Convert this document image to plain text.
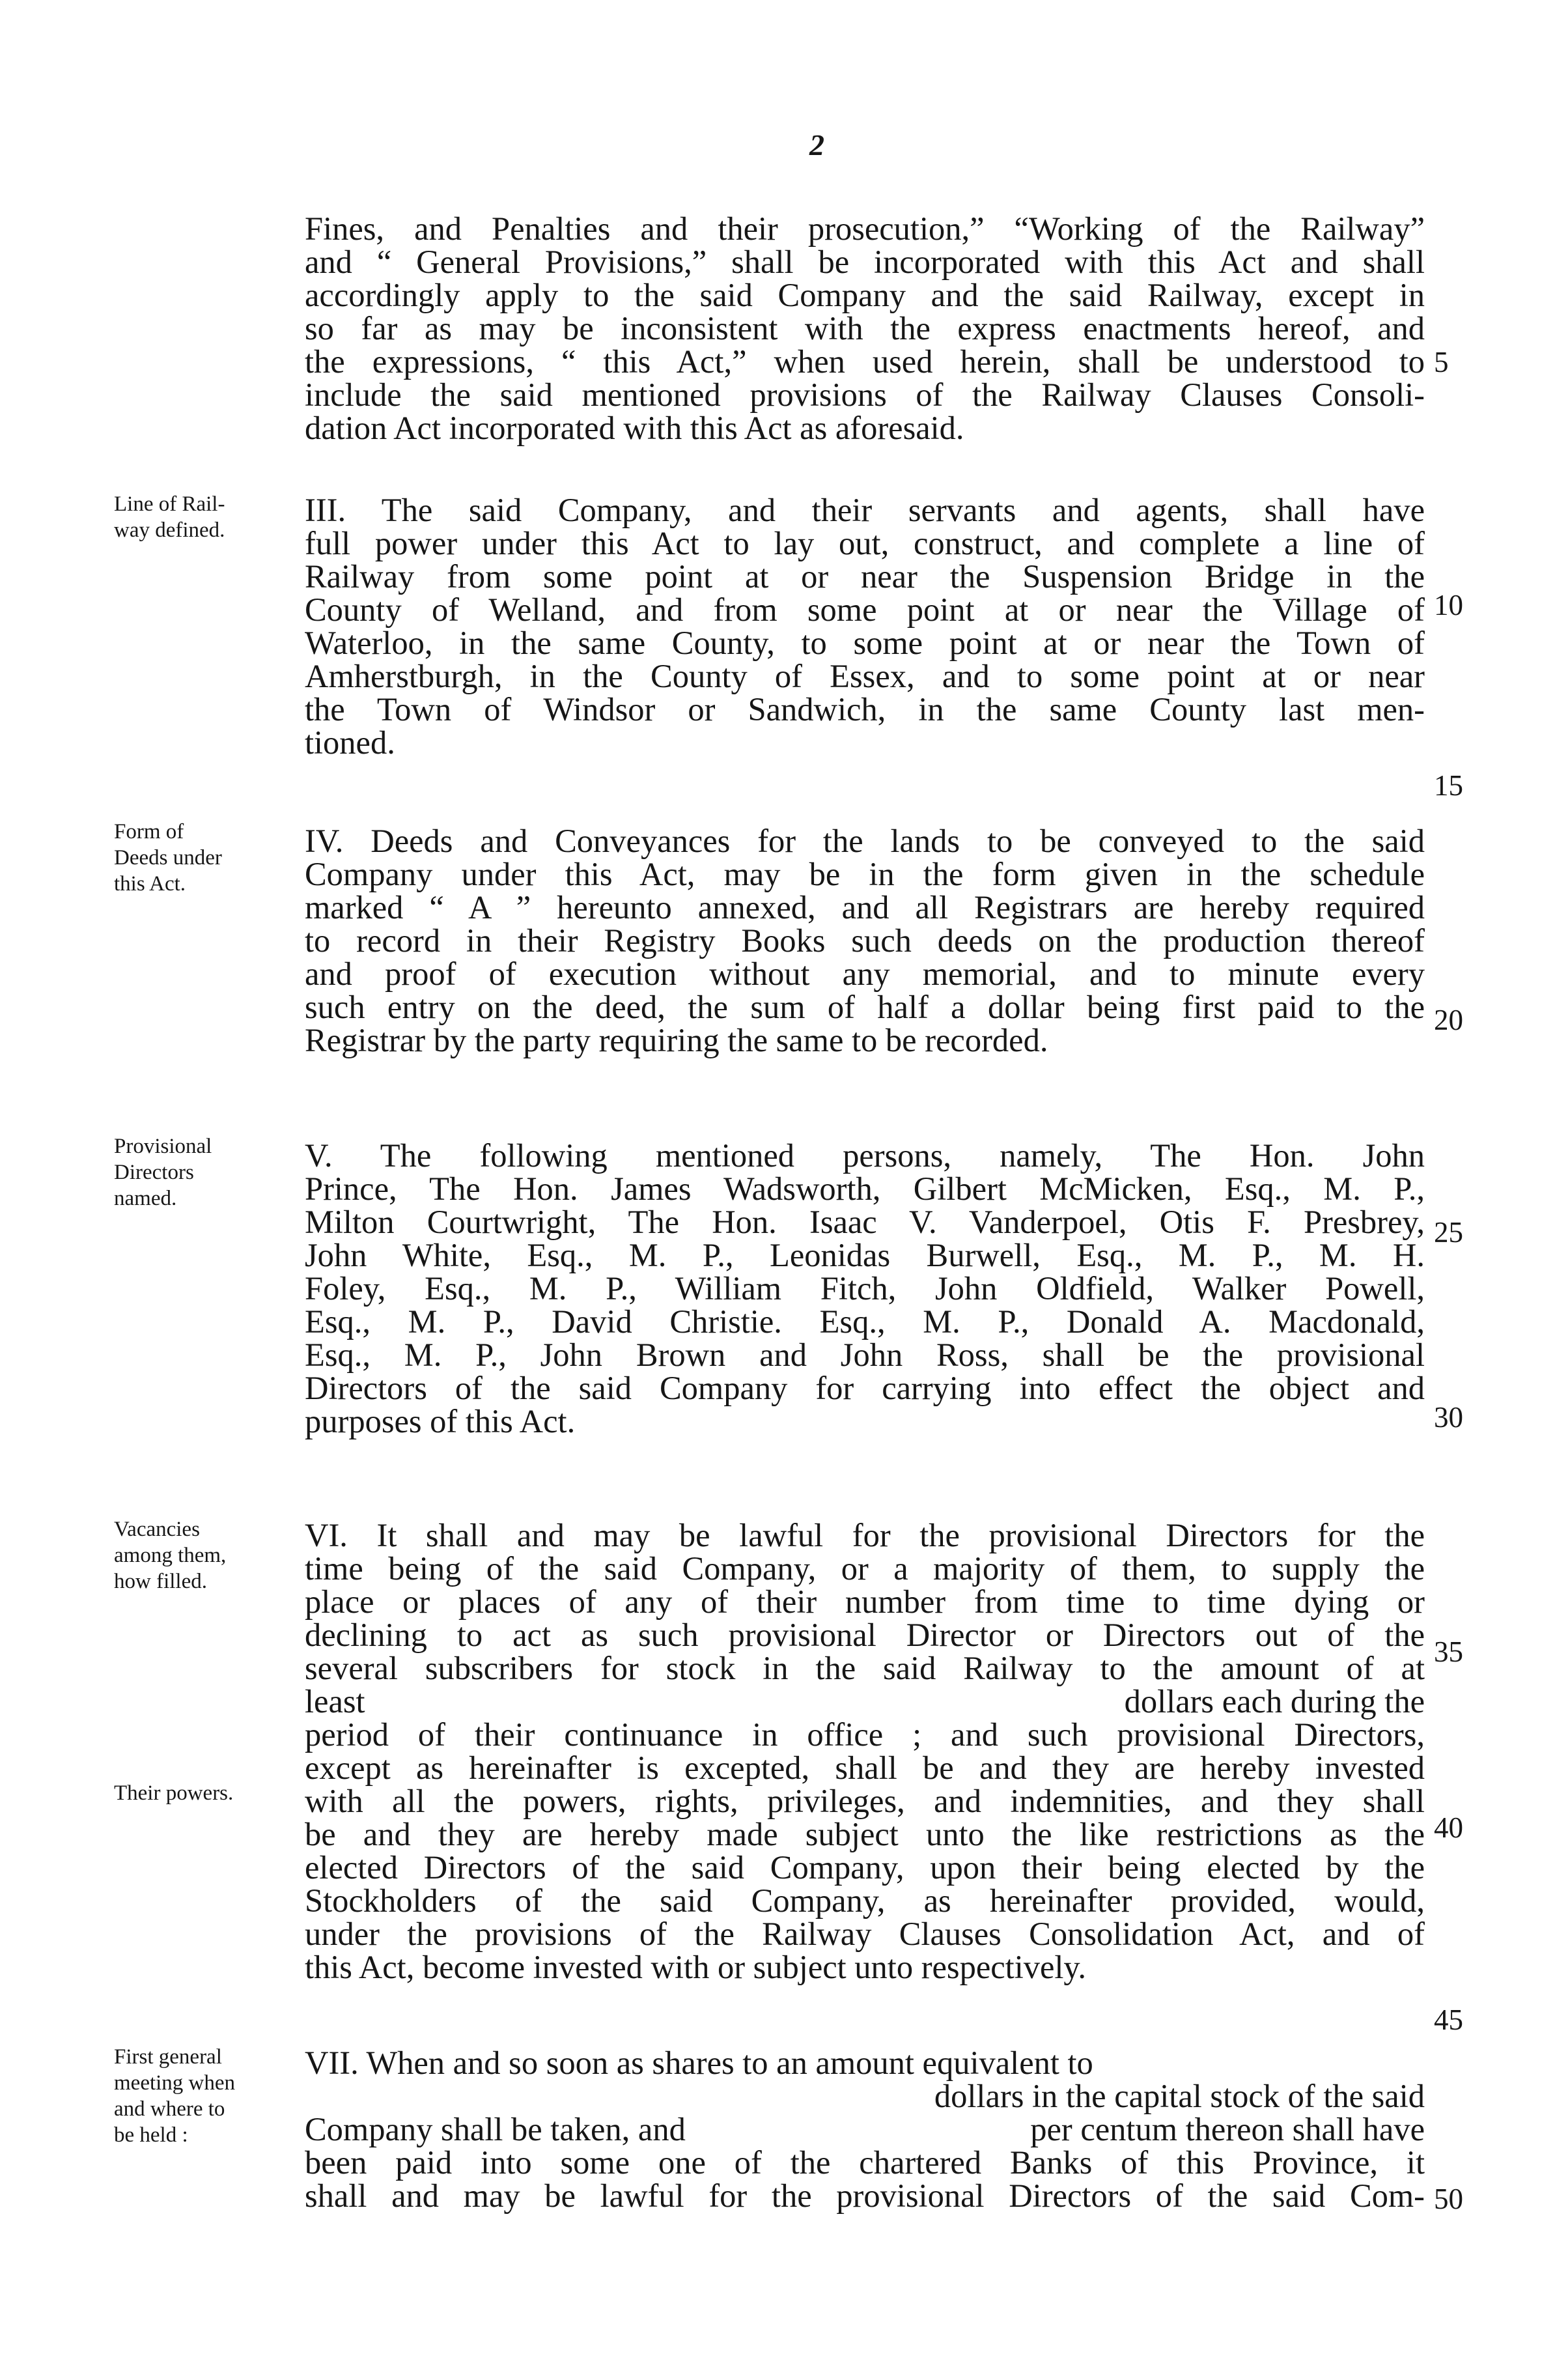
2
Fines, and Penalties and their prosecution,” “Working of the Railway”
and “ General Provisions,” shall be incorporated with this Act and shall
accordingly apply to the said Company and the said Railway, except in
so far as may be inconsistent with the express enactments hereof, and
the expressions, “ this Act,” when used herein, shall be understood to
include the said mentioned provisions of the Railway Clauses Consoli-
dation Act incorporated with this Act as aforesaid.
Line of Rail-
way defined.
III. The said Company, and their servants and agents, shall have
full power under this Act to lay out, construct, and complete a line of
Railway from some point at or near the Suspension Bridge in the
County of Welland, and from some point at or near the Village of
Waterloo, in the same County, to some point at or near the Town of
Amherstburgh, in the County of Essex, and to some point at or near
the Town of Windsor or Sandwich, in the same County last men-
tioned.
Form of
Deeds under
this Act.
IV. Deeds and Conveyances for the lands to be conveyed to the said
Company under this Act, may be in the form given in the schedule
marked “ A ” hereunto annexed, and all Registrars are hereby required
to record in their Registry Books such deeds on the production thereof
and proof of execution without any memorial, and to minute every
such entry on the deed, the sum of half a dollar being first paid to the
Registrar by the party requiring the same to be recorded.
Provisional
Directors
named.
V. The following mentioned persons, namely, The Hon. John
Prince, The Hon. James Wadsworth, Gilbert McMicken, Esq., M. P.,
Milton Courtwright, The Hon. Isaac V. Vanderpoel, Otis F. Presbrey,
John White, Esq., M. P., Leonidas Burwell, Esq., M. P., M. H.
Foley, Esq., M. P., William Fitch, John Oldfield, Walker Powell,
Esq., M. P., David Christie. Esq., M. P., Donald A. Macdonald,
Esq., M. P., John Brown and John Ross, shall be the provisional
Directors of the said Company for carrying into effect the object and
purposes of this Act.
Vacancies
among them,
how filled.
Their powers.
VI. It shall and may be lawful for the provisional Directors for the
time being of the said Company, or a majority of them, to supply the
place or places of any of their number from time to time dying or
declining to act as such provisional Director or Directors out of the
several subscribers for stock in the said Railway to the amount of at
least	dollars each during the
period of their continuance in office ; and such provisional Directors,
except as hereinafter is excepted, shall be and they are hereby invested
with all the powers, rights, privileges, and indemnities, and they shall
be and they are hereby made subject unto the like restrictions as the
elected Directors of the said Company, upon their being elected by the
Stockholders of the said Company, as hereinafter provided, would,
under the provisions of the Railway Clauses Consolidation Act, and of
this Act, become invested with or subject unto respectively.
First general
meeting when
and where to
be held :
VII. When and so soon as shares to an amount equivalent to
dollars in the capital stock of the said
Company shall be taken, and	per centum thereon shall have
been paid into some one of the chartered Banks of this Province, it
shall and may be lawful for the provisional Directors of the said Com-
5
10
15
20
25
30
35
40
45
50
